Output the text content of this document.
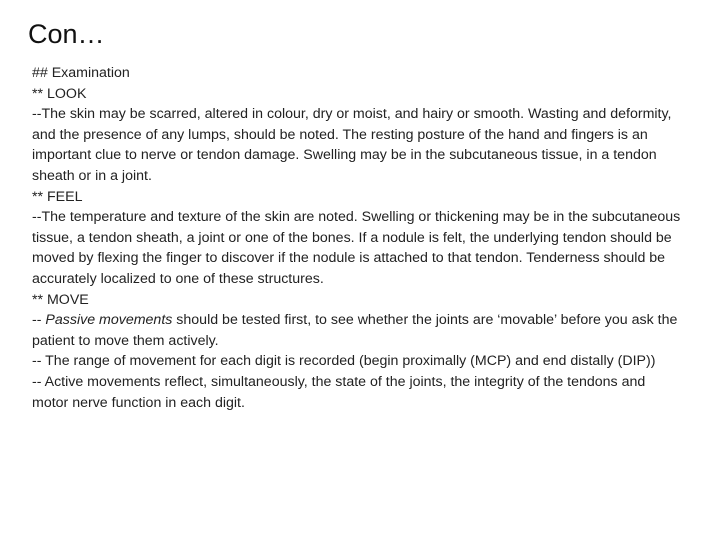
Con…
## Examination
** LOOK
--The skin may be scarred, altered in colour, dry or moist, and hairy or smooth. Wasting and deformity, and the presence of any lumps, should be noted. The resting posture of the hand and fingers is an important clue to nerve or tendon damage. Swelling may be in the subcutaneous tissue, in a tendon sheath or in a joint.
** FEEL
--The temperature and texture of the skin are noted. Swelling or thickening may be in the subcutaneous tissue, a tendon sheath, a joint or one of the bones. If a nodule is felt, the underlying tendon should be moved by flexing the finger to discover if the nodule is attached to that tendon. Tenderness should be accurately localized to one of these structures.
** MOVE
-- Passive movements should be tested first, to see whether the joints are ‘movable’ before you ask the patient to move them actively.
-- The range of movement for each digit is recorded (begin proximally (MCP) and end distally (DIP))
-- Active movements reflect, simultaneously, the state of the joints, the integrity of the tendons and motor nerve function in each digit.
